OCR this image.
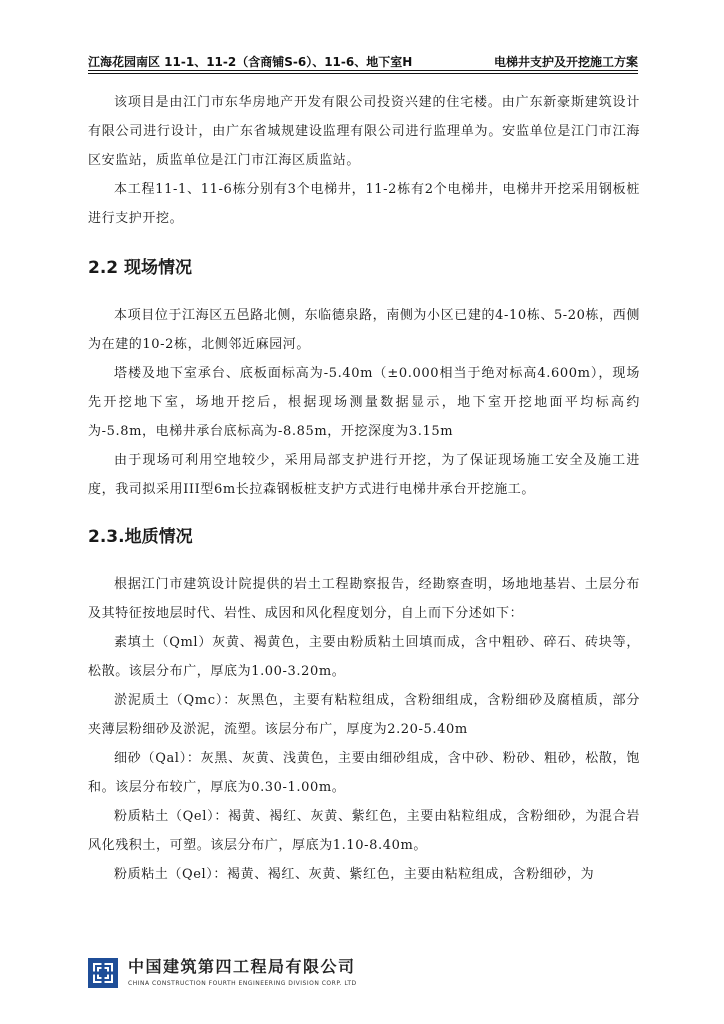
江海花园南区 11-1、11-2（含商铺S-6）、11-6、地下室H	电梯井支护及开挖施工方案

该项目是由江门市东华房地产开发有限公司投资兴建的住宅楼。由广东新豪斯建筑设计有限公司进行设计，由广东省城规建设监理有限公司进行监理单为。安监单位是江门市江海区安监站，质监单位是江门市江海区质监站。

本工程11-1、11-6栋分别有3个电梯井，11-2栋有2个电梯井，电梯井开挖采用钢板桩进行支护开挖。

2.2 现场情况

本项目位于江海区五邑路北侧，东临德泉路，南侧为小区已建的4-10栋、5-20栋，西侧为在建的10-2栋，北侧邻近麻园河。

塔楼及地下室承台、底板面标高为-5.40m（±0.000相当于绝对标高4.600m），现场先开挖地下室，场地开挖后，根据现场测量数据显示，地下室开挖地面平均标高约为-5.8m，电梯井承台底标高为-8.85m，开挖深度为3.15m

由于现场可利用空地较少，采用局部支护进行开挖，为了保证现场施工安全及施工进度，我司拟采用III型6m长拉森钢板桩支护方式进行电梯井承台开挖施工。

2.3.地质情况

根据江门市建筑设计院提供的岩土工程勘察报告，经勘察查明，场地地基岩、土层分布及其特征按地层时代、岩性、成因和风化程度划分，自上而下分述如下：

素填土（Qml）灰黄、褐黄色，主要由粉质粘土回填而成，含中粗砂、碎石、砖块等，松散。该层分布广，厚底为1.00-3.20m。

淤泥质土（Qmc）：灰黑色，主要有粘粒组成，含粉细组成，含粉细砂及腐植质，部分夹薄层粉细砂及淤泥，流塑。该层分布广，厚度为2.20-5.40m

细砂（Qal）：灰黑、灰黄、浅黄色，主要由细砂组成，含中砂、粉砂、粗砂，松散，饱和。该层分布较广，厚底为0.30-1.00m。

粉质粘土（Qel）：褐黄、褐红、灰黄、紫红色，主要由粘粒组成，含粉细砂，为混合岩风化残积土，可塑。该层分布广，厚底为1.10-8.40m。

粉质粘土（Qel）：褐黄、褐红、灰黄、紫红色，主要由粘粒组成，含粉细砂，为

中国建筑第四工程局有限公司
CHINA CONSTRUCTION FOURTH ENGINEERING DIVISION CORP. LTD
